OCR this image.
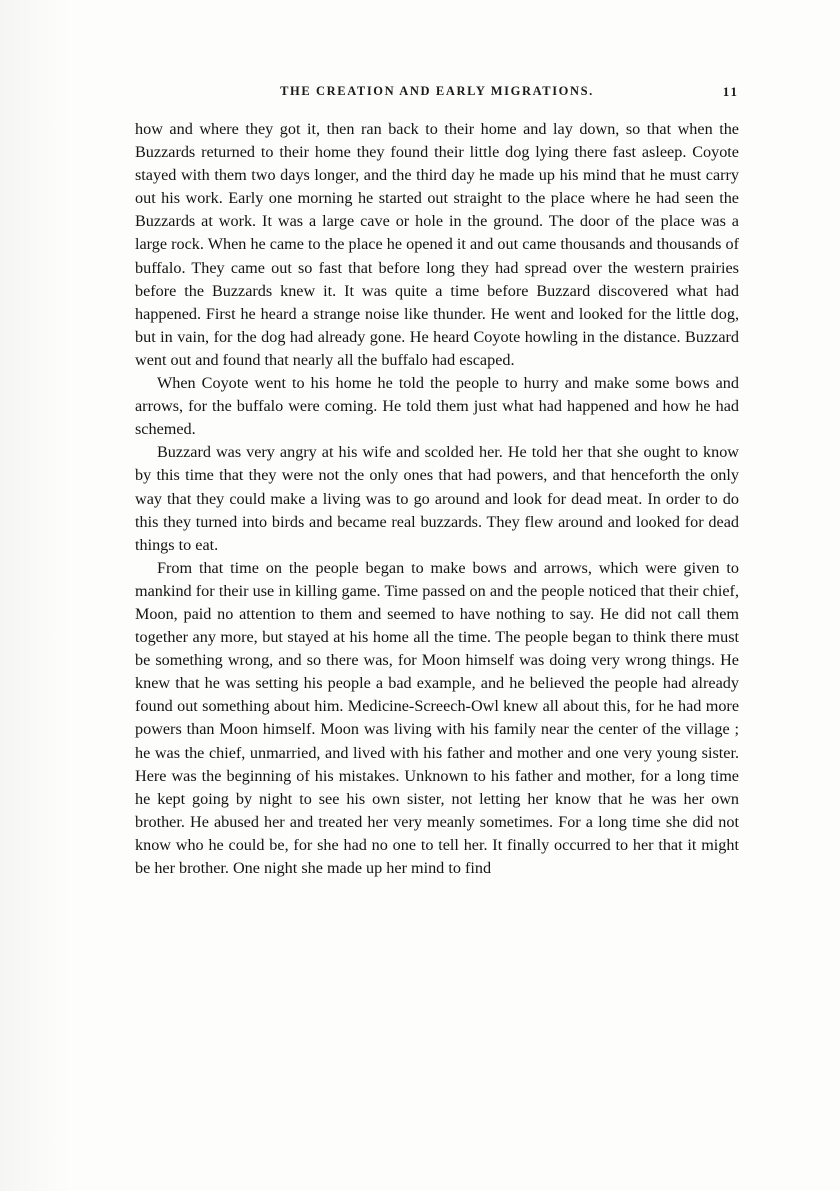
THE CREATION AND EARLY MIGRATIONS.	11

how and where they got it, then ran back to their home and lay down, so that when the Buzzards returned to their home they found their little dog lying there fast asleep. Coyote stayed with them two days longer, and the third day he made up his mind that he must carry out his work. Early one morning he started out straight to the place where he had seen the Buzzards at work. It was a large cave or hole in the ground. The door of the place was a large rock. When he came to the place he opened it and out came thousands and thousands of buffalo. They came out so fast that before long they had spread over the western prairies before the Buzzards knew it. It was quite a time before Buzzard discovered what had happened. First he heard a strange noise like thunder. He went and looked for the little dog, but in vain, for the dog had already gone. He heard Coyote howling in the distance. Buzzard went out and found that nearly all the buffalo had escaped.

When Coyote went to his home he told the people to hurry and make some bows and arrows, for the buffalo were coming. He told them just what had happened and how he had schemed.

Buzzard was very angry at his wife and scolded her. He told her that she ought to know by this time that they were not the only ones that had powers, and that henceforth the only way that they could make a living was to go around and look for dead meat. In order to do this they turned into birds and became real buzzards. They flew around and looked for dead things to eat.

From that time on the people began to make bows and arrows, which were given to mankind for their use in killing game. Time passed on and the people noticed that their chief, Moon, paid no attention to them and seemed to have nothing to say. He did not call them together any more, but stayed at his home all the time. The people began to think there must be something wrong, and so there was, for Moon himself was doing very wrong things. He knew that he was setting his people a bad example, and he believed the people had already found out something about him. Medicine-Screech-Owl knew all about this, for he had more powers than Moon himself. Moon was living with his family near the center of the village ; he was the chief, unmarried, and lived with his father and mother and one very young sister. Here was the beginning of his mistakes. Unknown to his father and mother, for a long time he kept going by night to see his own sister, not letting her know that he was her own brother. He abused her and treated her very meanly sometimes. For a long time she did not know who he could be, for she had no one to tell her. It finally occurred to her that it might be her brother. One night she made up her mind to find
